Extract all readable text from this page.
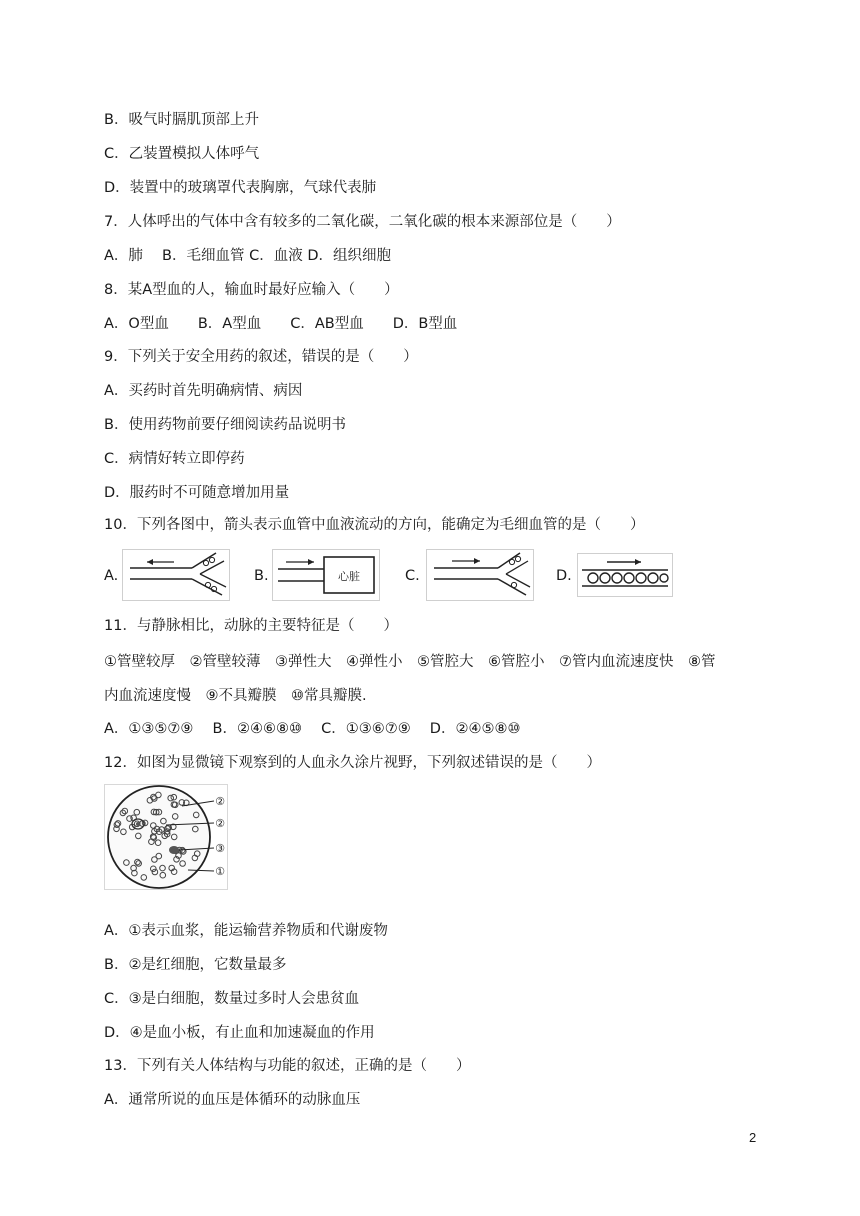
B．吸气时膈肌顶部上升
C．乙装置模拟人体呼气
D．装置中的玻璃罩代表胸廓，气球代表肺
7．人体呼出的气体中含有较多的二氧化碳，二氧化碳的根本来源部位是（　　）
A．肺　 B．毛细血管 C．血液 D．组织细胞
8．某A型血的人，输血时最好应输入（　　）
A．O型血　　B．A型血　　C．AB型血　　D．B型血
9．下列关于安全用药的叙述，错误的是（　　）
A．买药时首先明确病情、病因
B．使用药物前要仔细阅读药品说明书
C．病情好转立即停药
D．服药时不可随意增加用量
10．下列各图中，箭头表示血管中血液流动的方向，能确定为毛细血管的是（　　）
A.	B.	心脏	C.	D.
11．与静脉相比，动脉的主要特征是（　　）
①管壁较厚　②管壁较薄　③弹性大　④弹性小　⑤管腔大　⑥管腔小　⑦管内血流速度快　⑧管
内血流速度慢　⑨不具瓣膜　⑩常具瓣膜.
A．①③⑤⑦⑨　 B．②④⑥⑧⑩　 C．①③⑥⑦⑨　 D．②④⑤⑧⑩
12．如图为显微镜下观察到的人血永久涂片视野，下列叙述错误的是（　　）
②
②
③
①
A．①表示血浆，能运输营养物质和代谢废物
B．②是红细胞，它数量最多
C．③是白细胞，数量过多时人会患贫血
D．④是血小板，有止血和加速凝血的作用
13．下列有关人体结构与功能的叙述，正确的是（　　）
A．通常所说的血压是体循环的动脉血压
2
